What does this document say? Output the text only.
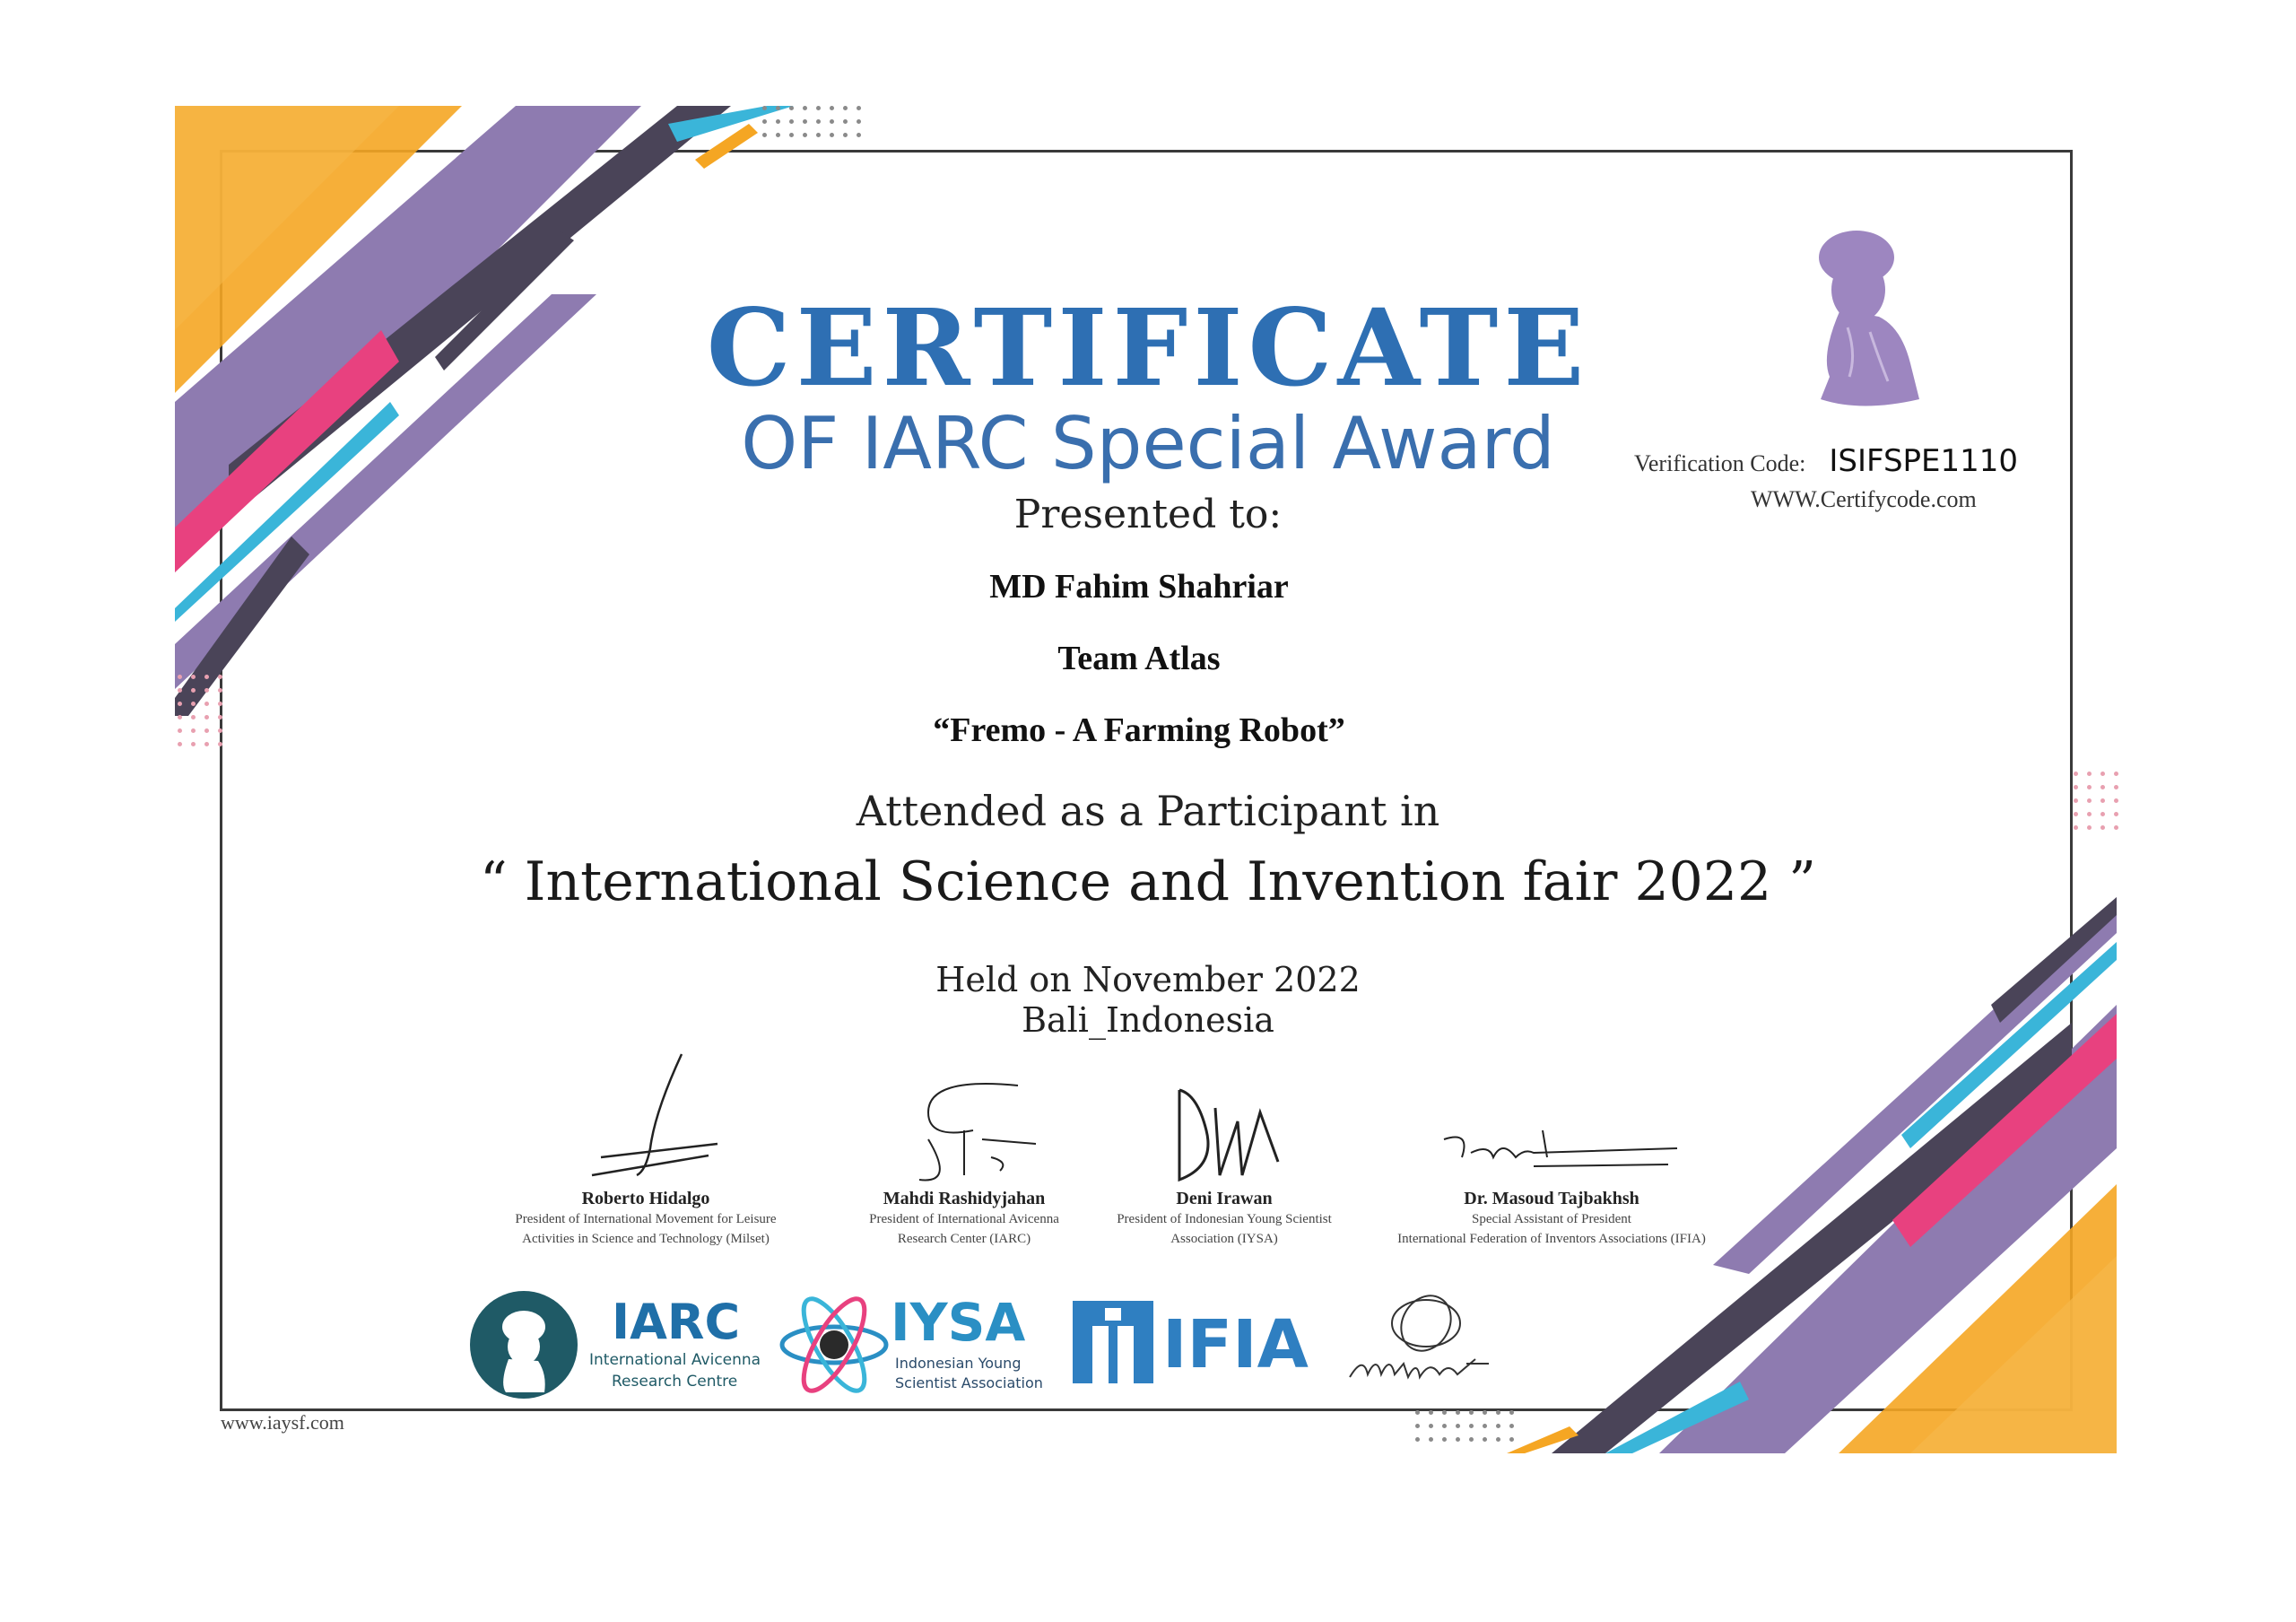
Verification Code: ISIFSPE1110
WWW.Certifycode.com
CERTIFICATE
OF IARC Special Award
Presented to:
MD Fahim Shahriar
Team Atlas
“Fremo - A Farming Robot”
Attended as a Participant in
“ International Science and Invention fair 2022 ”
Held on November 2022
Bali_Indonesia
Roberto Hidalgo
President of International Movement for Leisure
Activities in Science and Technology (Milset)
Mahdi Rashidyjahan
President of International Avicenna
Research Center (IARC)
Deni Irawan
President of Indonesian Young Scientist
Association (IYSA)
Dr. Masoud Tajbakhsh
Special Assistant of President
International Federation of Inventors Associations (IFIA)
IARC
International Avicenna
Research Centre
IYSA
Indonesian Young
Scientist Association IFIA
www.iaysf.com
